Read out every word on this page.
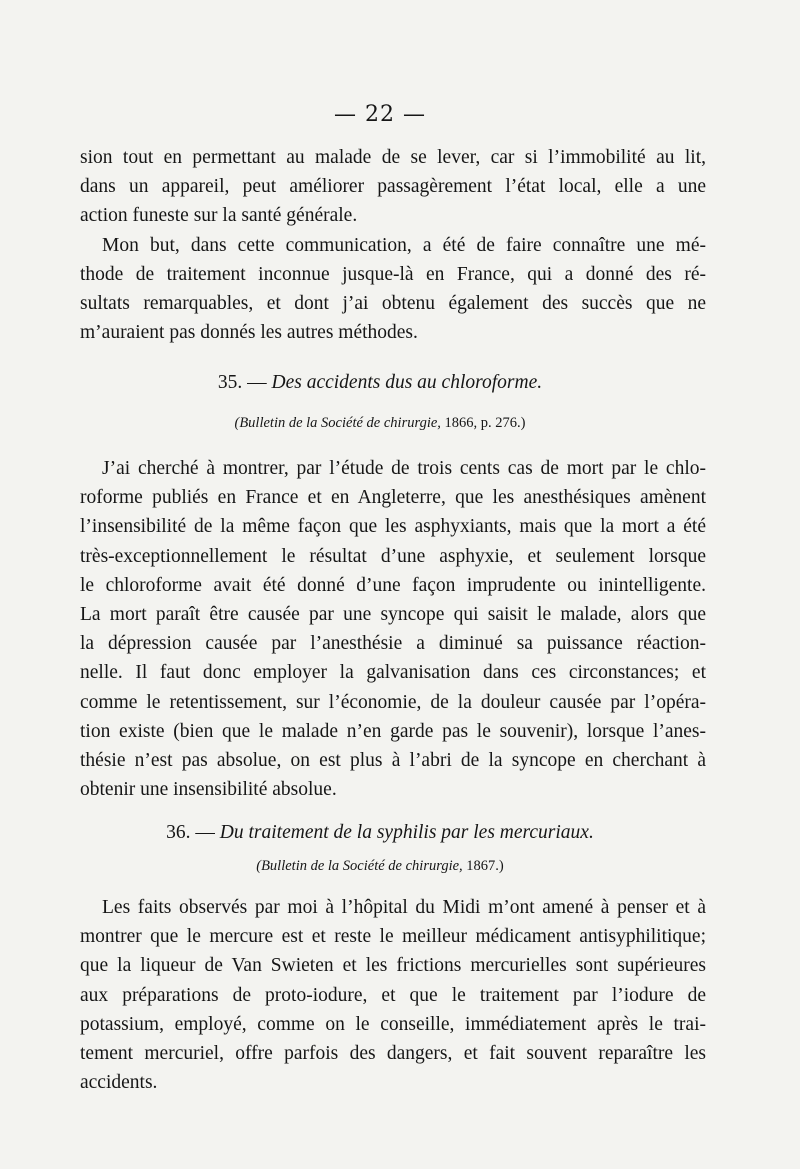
— 22 —
sion tout en permettant au malade de se lever, car si l’immobilité au lit,
dans un appareil, peut améliorer passagèrement l’état local, elle a une
action funeste sur la santé générale.
Mon but, dans cette communication, a été de faire connaître une mé-
thode de traitement inconnue jusque-là en France, qui a donné des ré-
sultats remarquables, et dont j’ai obtenu également des succès que ne
m’auraient pas donnés les autres méthodes.
35. — Des accidents dus au chloroforme.
(Bulletin de la Société de chirurgie, 1866, p. 276.)
J’ai cherché à montrer, par l’étude de trois cents cas de mort par le chlo-
roforme publiés en France et en Angleterre, que les anesthésiques amènent
l’insensibilité de la même façon que les asphyxiants, mais que la mort a été
très-exceptionnellement le résultat d’une asphyxie, et seulement lorsque
le chloroforme avait été donné d’une façon imprudente ou inintelligente.
La mort paraît être causée par une syncope qui saisit le malade, alors que
la dépression causée par l’anesthésie a diminué sa puissance réaction-
nelle. Il faut donc employer la galvanisation dans ces circonstances; et
comme le retentissement, sur l’économie, de la douleur causée par l’opéra-
tion existe (bien que le malade n’en garde pas le souvenir), lorsque l’anes-
thésie n’est pas absolue, on est plus à l’abri de la syncope en cherchant à
obtenir une insensibilité absolue.
36. — Du traitement de la syphilis par les mercuriaux.
(Bulletin de la Société de chirurgie, 1867.)
Les faits observés par moi à l’hôpital du Midi m’ont amené à penser et à
montrer que le mercure est et reste le meilleur médicament antisyphilitique;
que la liqueur de Van Swieten et les frictions mercurielles sont supérieures
aux préparations de proto-iodure, et que le traitement par l’iodure de
potassium, employé, comme on le conseille, immédiatement après le trai-
tement mercuriel, offre parfois des dangers, et fait souvent reparaître les
accidents.
